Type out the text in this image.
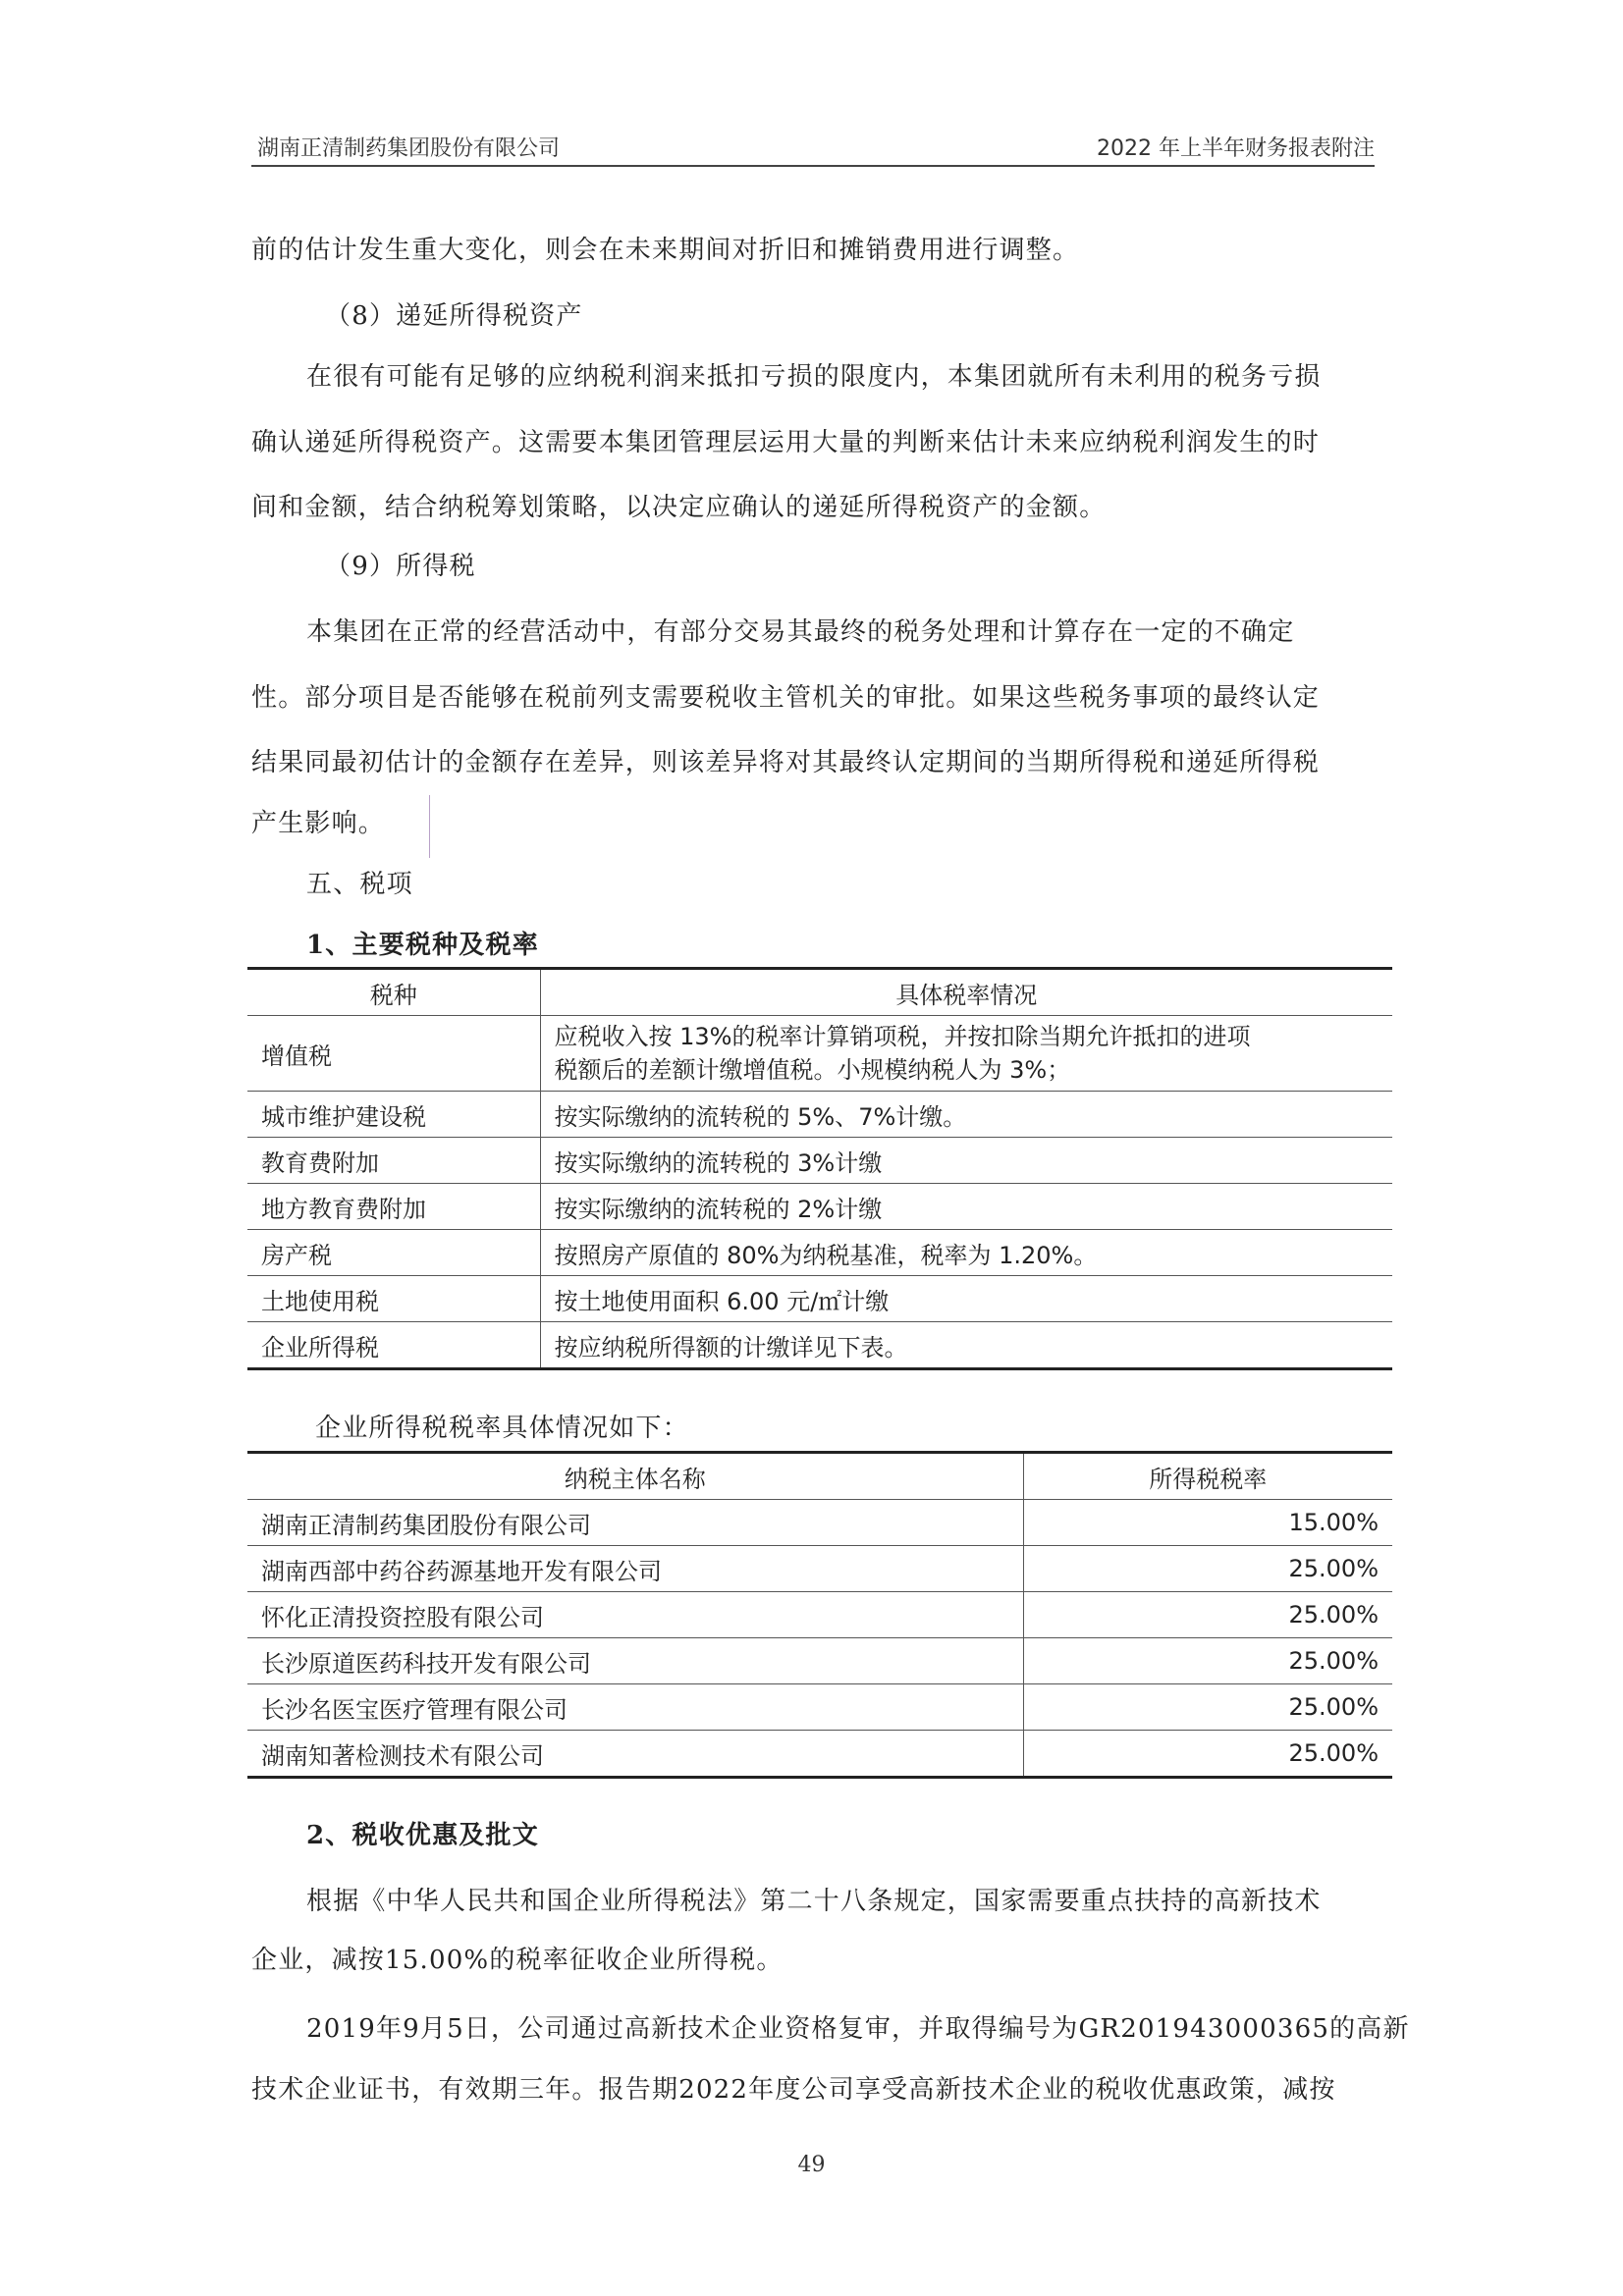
湖南正清制药集团股份有限公司	2022 年上半年财务报表附注
前的估计发生重大变化，则会在未来期间对折旧和摊销费用进行调整。
（8）递延所得税资产
在很有可能有足够的应纳税利润来抵扣亏损的限度内，本集团就所有未利用的税务亏损
确认递延所得税资产。这需要本集团管理层运用大量的判断来估计未来应纳税利润发生的时
间和金额，结合纳税筹划策略，以决定应确认的递延所得税资产的金额。
（9）所得税
本集团在正常的经营活动中，有部分交易其最终的税务处理和计算存在一定的不确定
性。部分项目是否能够在税前列支需要税收主管机关的审批。如果这些税务事项的最终认定
结果同最初估计的金额存在差异，则该差异将对其最终认定期间的当期所得税和递延所得税
产生影响。
五、税项
1、主要税种及税率
税种	具体税率情况
增值税	应税收入按 13%的税率计算销项税，并按扣除当期允许抵扣的进项
税额后的差额计缴增值税。小规模纳税人为 3%；

城市维护建设税	按实际缴纳的流转税的 5%、7%计缴。
教育费附加	按实际缴纳的流转税的 3%计缴
地方教育费附加	按实际缴纳的流转税的 2%计缴
房产税	按照房产原值的 80%为纳税基准，税率为 1.20%。
土地使用税	按土地使用面积 6.00 元/㎡计缴
企业所得税	按应纳税所得额的计缴详见下表。
企业所得税税率具体情况如下：
纳税主体名称	所得税税率
湖南正清制药集团股份有限公司	15.00%
湖南西部中药谷药源基地开发有限公司	25.00%
怀化正清投资控股有限公司	25.00%
长沙原道医药科技开发有限公司	25.00%
长沙名医宝医疗管理有限公司	25.00%
湖南知著检测技术有限公司	25.00%
2、税收优惠及批文
根据《中华人民共和国企业所得税法》第二十八条规定，国家需要重点扶持的高新技术
企业，减按15.00%的税率征收企业所得税。
2019年9月5日，公司通过高新技术企业资格复审，并取得编号为GR201943000365的高新
技术企业证书，有效期三年。报告期2022年度公司享受高新技术企业的税收优惠政策，减按
49
